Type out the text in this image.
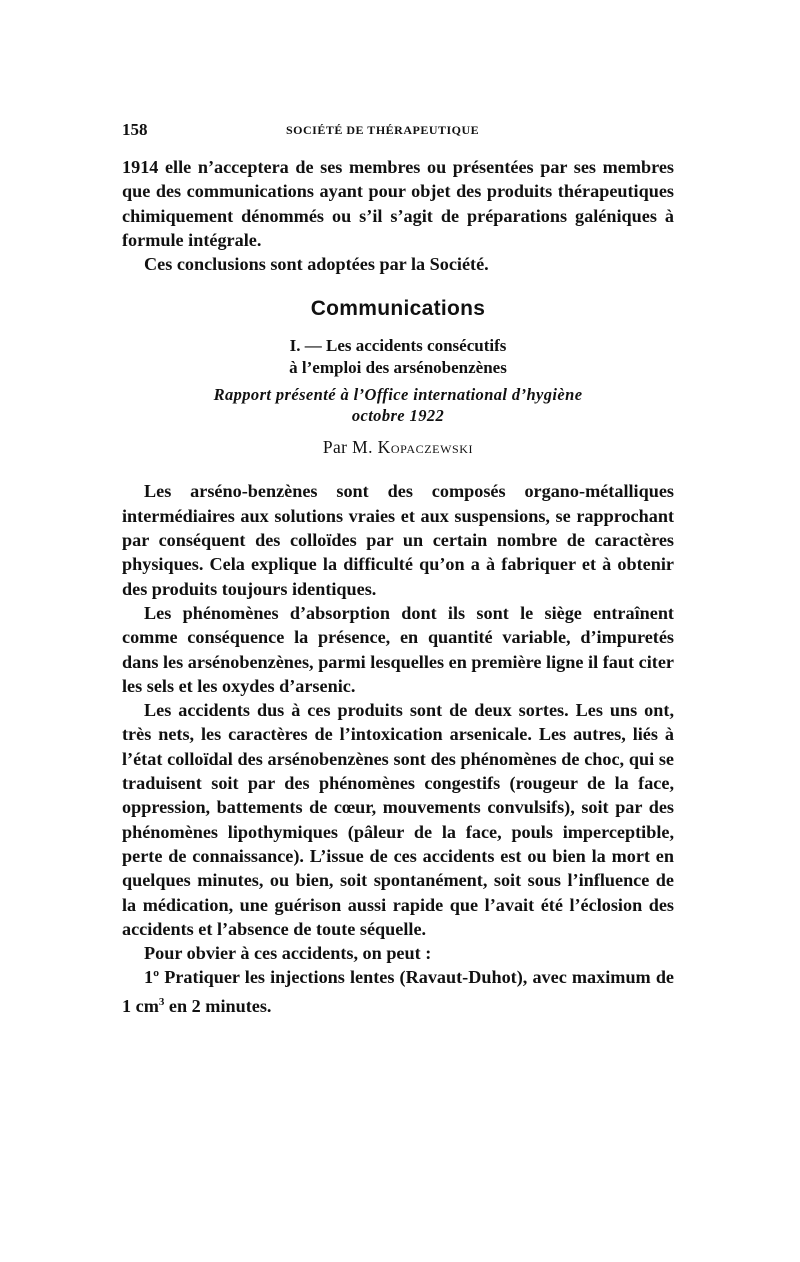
158	SOCIÉTÉ DE THÉRAPEUTIQUE

1914 elle n’acceptera de ses membres ou présentées par ses membres que des communications ayant pour objet des produits thérapeutiques chimiquement dénommés ou s’il s’agit de préparations galéniques à formule intégrale.

Ces conclusions sont adoptées par la Société.

Communications
I. — Les accidents consécutifs
à l’emploi des arsénobenzènes
Rapport présenté à l’Office international d’hygiène
octobre 1922
Par M. Kopaczewski

Les arséno-benzènes sont des composés organo-métalliques intermédiaires aux solutions vraies et aux suspensions, se rapprochant par conséquent des colloïdes par un certain nombre de caractères physiques. Cela explique la difficulté qu’on a à fabriquer et à obtenir des produits toujours identiques.

Les phénomènes d’absorption dont ils sont le siège entraînent comme conséquence la présence, en quantité variable, d’impuretés dans les arsénobenzènes, parmi lesquelles en première ligne il faut citer les sels et les oxydes d’arsenic.

Les accidents dus à ces produits sont de deux sortes. Les uns ont, très nets, les caractères de l’intoxication arsenicale. Les autres, liés à l’état colloïdal des arsénobenzènes sont des phénomènes de choc, qui se traduisent soit par des phénomènes congestifs (rougeur de la face, oppression, battements de cœur, mouvements convulsifs), soit par des phénomènes lipothymiques (pâleur de la face, pouls imperceptible, perte de connaissance). L’issue de ces accidents est ou bien la mort en quelques minutes, ou bien, soit spontanément, soit sous l’influence de la médication, une guérison aussi rapide que l’avait été l’éclosion des accidents et l’absence de toute séquelle.

Pour obvier à ces accidents, on peut :

1º Pratiquer les injections lentes (Ravaut-Duhot), avec maximum de 1 $cm^3$ en 2 minutes.
